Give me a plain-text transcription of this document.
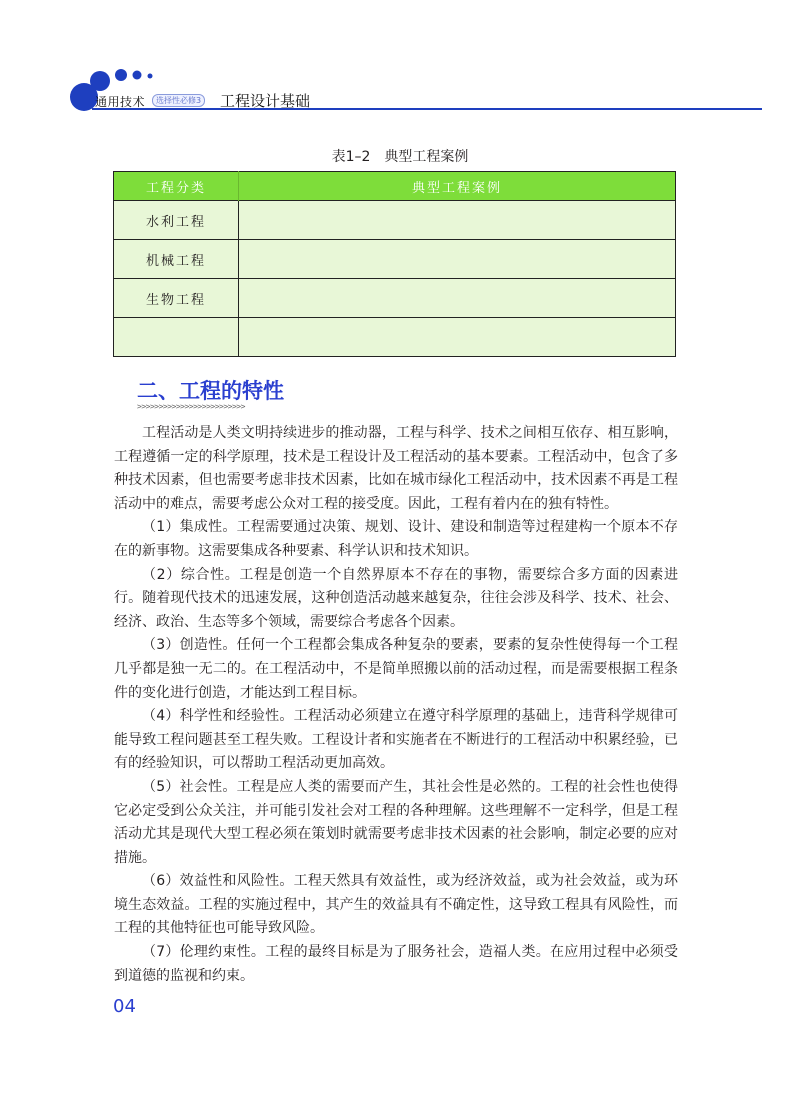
通用技术	选择性必修3 工程设计基础
表1–2　典型工程案例
工程分类	典型工程案例
水利工程	
机械工程	
生物工程	

二、工程的特性
>>>>>>>>>>>>>>>>>>>>>>>>>

工程活动是人类文明持续进步的推动器，工程与科学、技术之间相互依存、相互影响，工程遵循一定的科学原理，技术是工程设计及工程活动的基本要素。工程活动中，包含了多种技术因素，但也需要考虑非技术因素，比如在城市绿化工程活动中，技术因素不再是工程活动中的难点，需要考虑公众对工程的接受度。因此，工程有着内在的独有特性。

（1）集成性。工程需要通过决策、规划、设计、建设和制造等过程建构一个原本不存在的新事物。这需要集成各种要素、科学认识和技术知识。

（2）综合性。工程是创造一个自然界原本不存在的事物，需要综合多方面的因素进行。随着现代技术的迅速发展，这种创造活动越来越复杂，往往会涉及科学、技术、社会、经济、政治、生态等多个领域，需要综合考虑各个因素。

（3）创造性。任何一个工程都会集成各种复杂的要素，要素的复杂性使得每一个工程几乎都是独一无二的。在工程活动中，不是简单照搬以前的活动过程，而是需要根据工程条件的变化进行创造，才能达到工程目标。

（4）科学性和经验性。工程活动必须建立在遵守科学原理的基础上，违背科学规律可能导致工程问题甚至工程失败。工程设计者和实施者在不断进行的工程活动中积累经验，已有的经验知识，可以帮助工程活动更加高效。

（5）社会性。工程是应人类的需要而产生，其社会性是必然的。工程的社会性也使得它必定受到公众关注，并可能引发社会对工程的各种理解。这些理解不一定科学，但是工程活动尤其是现代大型工程必须在策划时就需要考虑非技术因素的社会影响，制定必要的应对措施。

（6）效益性和风险性。工程天然具有效益性，或为经济效益，或为社会效益，或为环境生态效益。工程的实施过程中，其产生的效益具有不确定性，这导致工程具有风险性，而工程的其他特征也可能导致风险。

（7）伦理约束性。工程的最终目标是为了服务社会，造福人类。在应用过程中必须受到道德的监视和约束。

04
